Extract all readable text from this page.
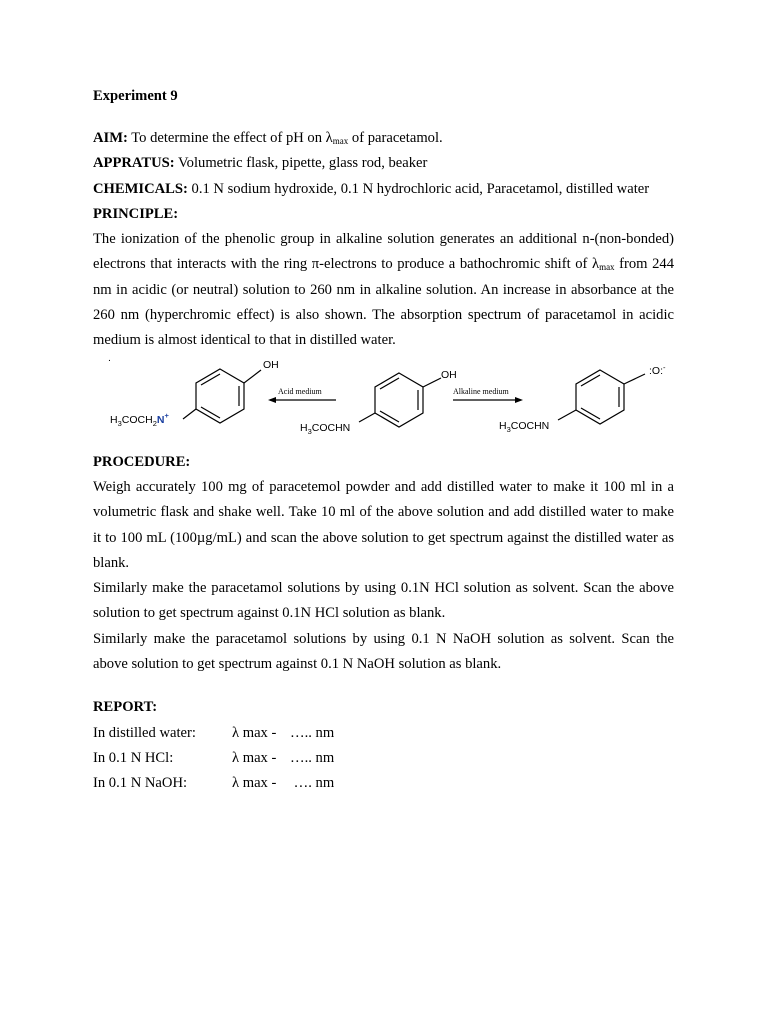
Experiment 9

AIM: To determine the effect of pH on $\lambda_{max}$ of paracetamol.

APPRATUS: Volumetric flask, pipette, glass rod, beaker

CHEMICALS: 0.1 N sodium hydroxide, 0.1 N hydrochloric acid, Paracetamol, distilled water

PRINCIPLE:

The ionization of the phenolic group in alkaline solution generates an additional n-(non-bonded) electrons that interacts with the ring π-electrons to produce a bathochromic shift of $\lambda_{max}$ from 244 nm in acidic (or neutral) solution to 260 nm in alkaline solution. An increase in absorbance at the 260 nm (hyperchromic effect) is also shown. The absorption spectrum of paracetamol in acidic medium is almost identical to that in distilled water.

.
OH
$H_3COCH_2N^+$
Acid medium
OH
$H_3COCHN$
Alkaline medium
:O:-
$H_3COCHN$

PROCEDURE:

Weigh accurately 100 mg of paracetemol powder and add distilled water to make it 100 ml in a volumetric flask and shake well. Take 10 ml of the above solution and add distilled water to make it to 100 mL (100µg/mL) and scan the above solution to get spectrum against the distilled water as blank.

Similarly make the paracetamol solutions by using 0.1N HCl solution as solvent. Scan the above solution to get spectrum against 0.1N HCl solution as blank.

Similarly make the paracetamol solutions by using 0.1 N NaOH solution as solvent. Scan the above solution to get spectrum against 0.1 N NaOH solution as blank.

REPORT:

In distilled water:	λ max - ….. nm
In 0.1 N HCl:	λ max - ….. nm
In 0.1 N NaOH:	λ max - …. nm
